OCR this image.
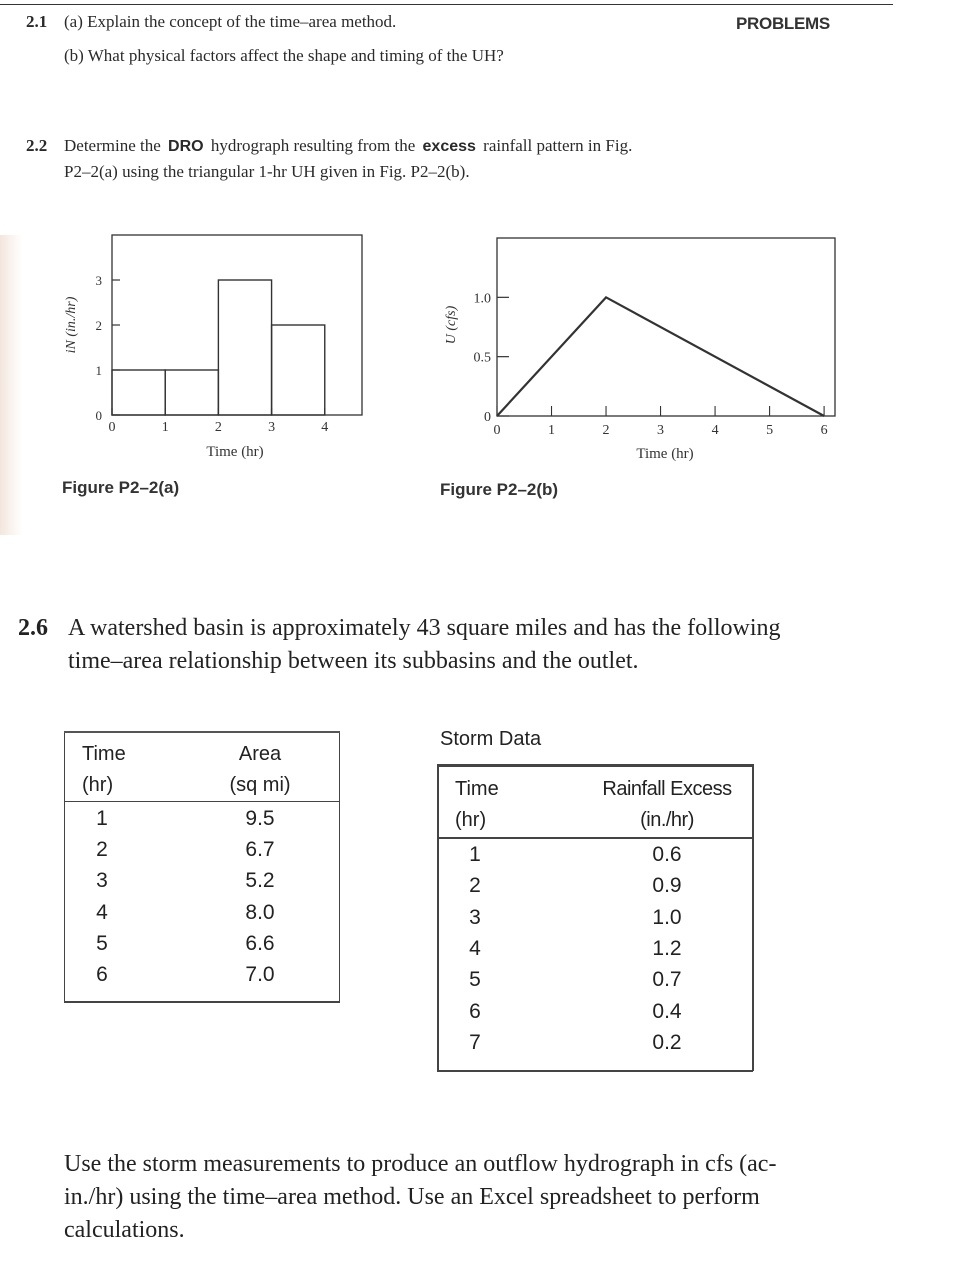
2.1 (a) Explain the concept of the time–area method.
(b) What physical factors affect the shape and timing of the UH?
PROBLEMS
2.2 Determine the DRO hydrograph resulting from the excess rainfall pattern in Fig.
P2–2(a) using the triangular 1-hr UH given in Fig. P2–2(b).
0
1
2
3
0	1	2	3	4
iN (in./hr)
Time (hr)
Figure P2–2(a)
0
0.5
1.0
0	1	2	3	4	5	6
U (cfs)
Time (hr)
Figure P2–2(b)
2.6 A watershed basin is approximately 43 square miles and has the following
time–area relationship between its subbasins and the outlet.
Time
(hr)
Area
(sq mi)
1	9.5
2	6.7
3	5.2
4	8.0
5	6.6
6	7.0
Storm Data
Time
(hr)
Rainfall Excess
(in./hr)
1	0.6
2	0.9
3	1.0
4	1.2
5	0.7
6	0.4
7	0.2
Use the storm measurements to produce an outflow hydrograph in cfs (ac-
in./hr) using the time–area method. Use an Excel spreadsheet to perform
calculations.
